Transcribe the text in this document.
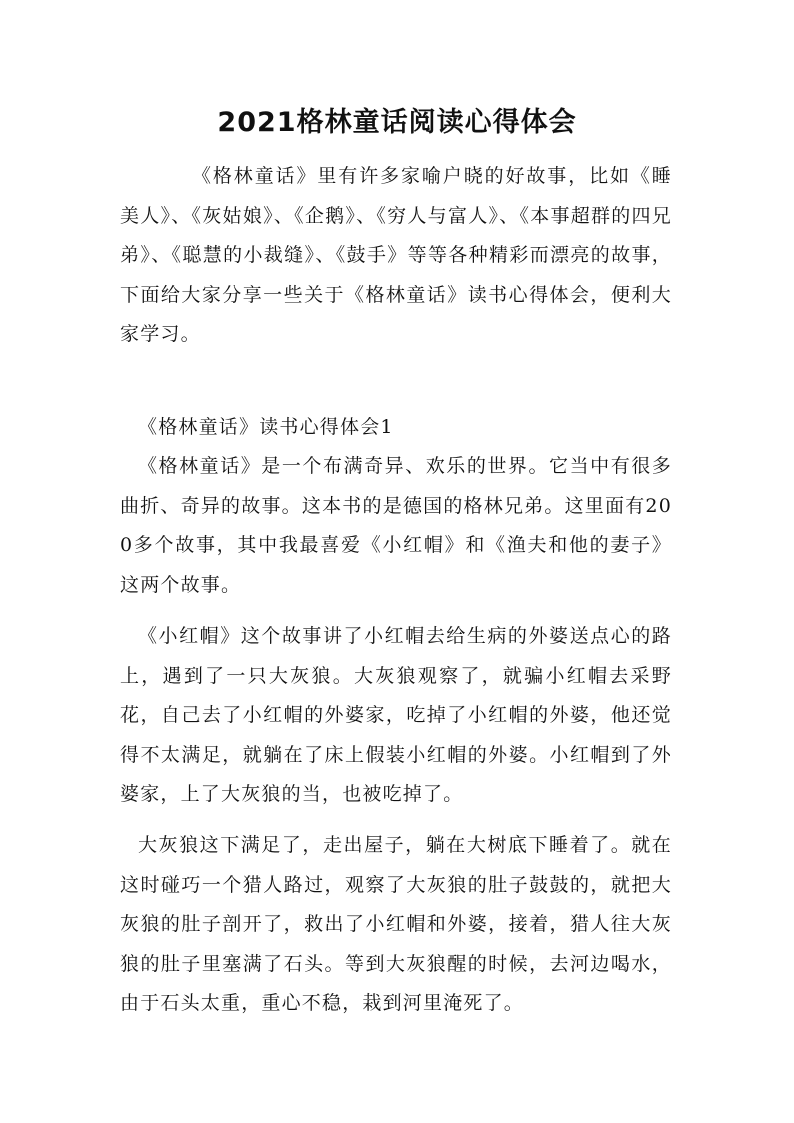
2021格林童话阅读心得体会

《格林童话》里有许多家喻户晓的好故事，比如《睡美人》、《灰姑娘》、《企鹅》、《穷人与富人》、《本事超群的四兄弟》、《聪慧的小裁缝》、《鼓手》等等各种精彩而漂亮的故事，下面给大家分享一些关于《格林童话》读书心得体会，便利大家学习。

《格林童话》读书心得体会1

《格林童话》是一个布满奇异、欢乐的世界。它当中有很多曲折、奇异的故事。这本书的是德国的格林兄弟。这里面有200多个故事，其中我最喜爱《小红帽》和《渔夫和他的妻子》这两个故事。

《小红帽》这个故事讲了小红帽去给生病的外婆送点心的路上，遇到了一只大灰狼。大灰狼观察了，就骗小红帽去采野花，自己去了小红帽的外婆家，吃掉了小红帽的外婆，他还觉得不太满足，就躺在了床上假装小红帽的外婆。小红帽到了外婆家，上了大灰狼的当，也被吃掉了。

大灰狼这下满足了，走出屋子，躺在大树底下睡着了。就在这时碰巧一个猎人路过，观察了大灰狼的肚子鼓鼓的，就把大灰狼的肚子剖开了，救出了小红帽和外婆，接着，猎人往大灰狼的肚子里塞满了石头。等到大灰狼醒的时候，去河边喝水，由于石头太重，重心不稳，栽到河里淹死了。
